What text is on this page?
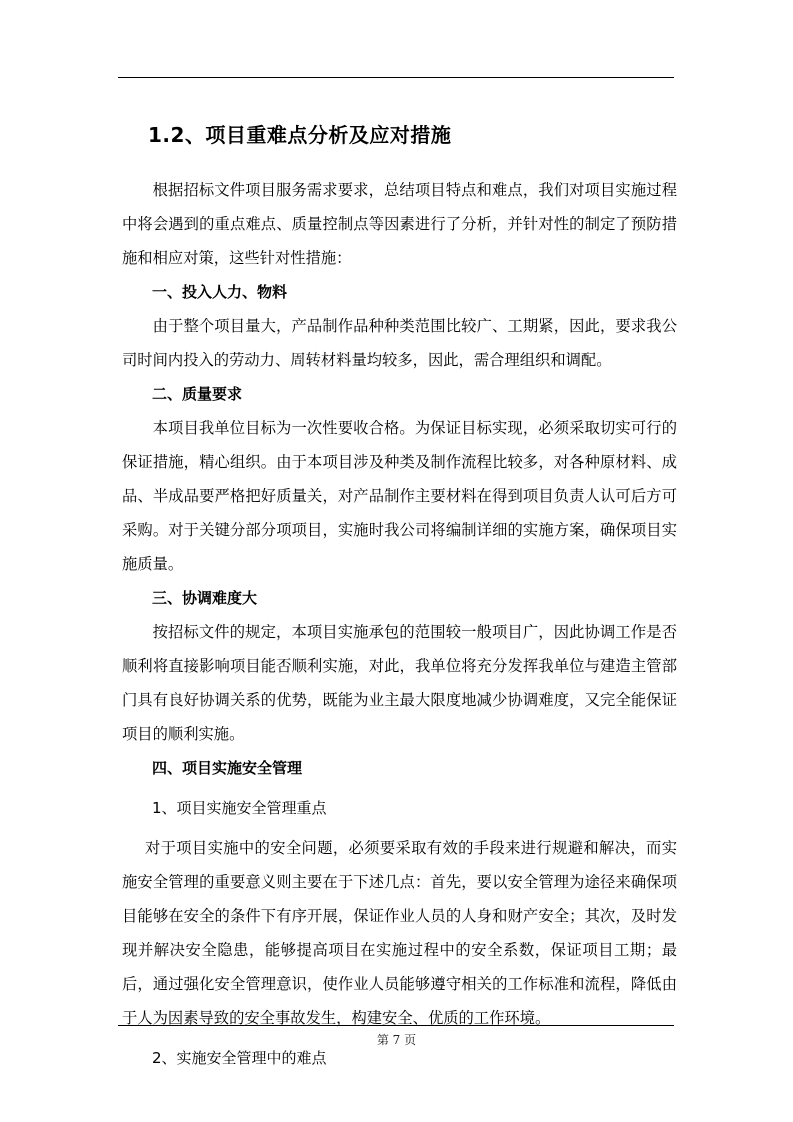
1.2、项目重难点分析及应对措施

根据招标文件项目服务需求要求，总结项目特点和难点，我们对项目实施过程中将会遇到的重点难点、质量控制点等因素进行了分析，并针对性的制定了预防措施和相应对策，这些针对性措施：

一、投入人力、物料

由于整个项目量大，产品制作品种种类范围比较广、工期紧，因此，要求我公司时间内投入的劳动力、周转材料量均较多，因此，需合理组织和调配。

二、质量要求

本项目我单位目标为一次性要收合格。为保证目标实现，必须采取切实可行的保证措施，精心组织。由于本项目涉及种类及制作流程比较多，对各种原材料、成品、半成品要严格把好质量关，对产品制作主要材料在得到项目负责人认可后方可采购。对于关键分部分项项目，实施时我公司将编制详细的实施方案，确保项目实施质量。

三、协调难度大

按招标文件的规定，本项目实施承包的范围较一般项目广，因此协调工作是否顺利将直接影响项目能否顺利实施，对此，我单位将充分发挥我单位与建造主管部门具有良好协调关系的优势，既能为业主最大限度地减少协调难度，又完全能保证项目的顺利实施。

四、项目实施安全管理

1、项目实施安全管理重点

对于项目实施中的安全问题，必须要采取有效的手段来进行规避和解决，而实施安全管理的重要意义则主要在于下述几点：首先，要以安全管理为途径来确保项目能够在安全的条件下有序开展，保证作业人员的人身和财产安全；其次，及时发现并解决安全隐患，能够提高项目在实施过程中的安全系数，保证项目工期；最后，通过强化安全管理意识，使作业人员能够遵守相关的工作标准和流程，降低由于人为因素导致的安全事故发生，构建安全、优质的工作环境。

2、实施安全管理中的难点

第 7 页
